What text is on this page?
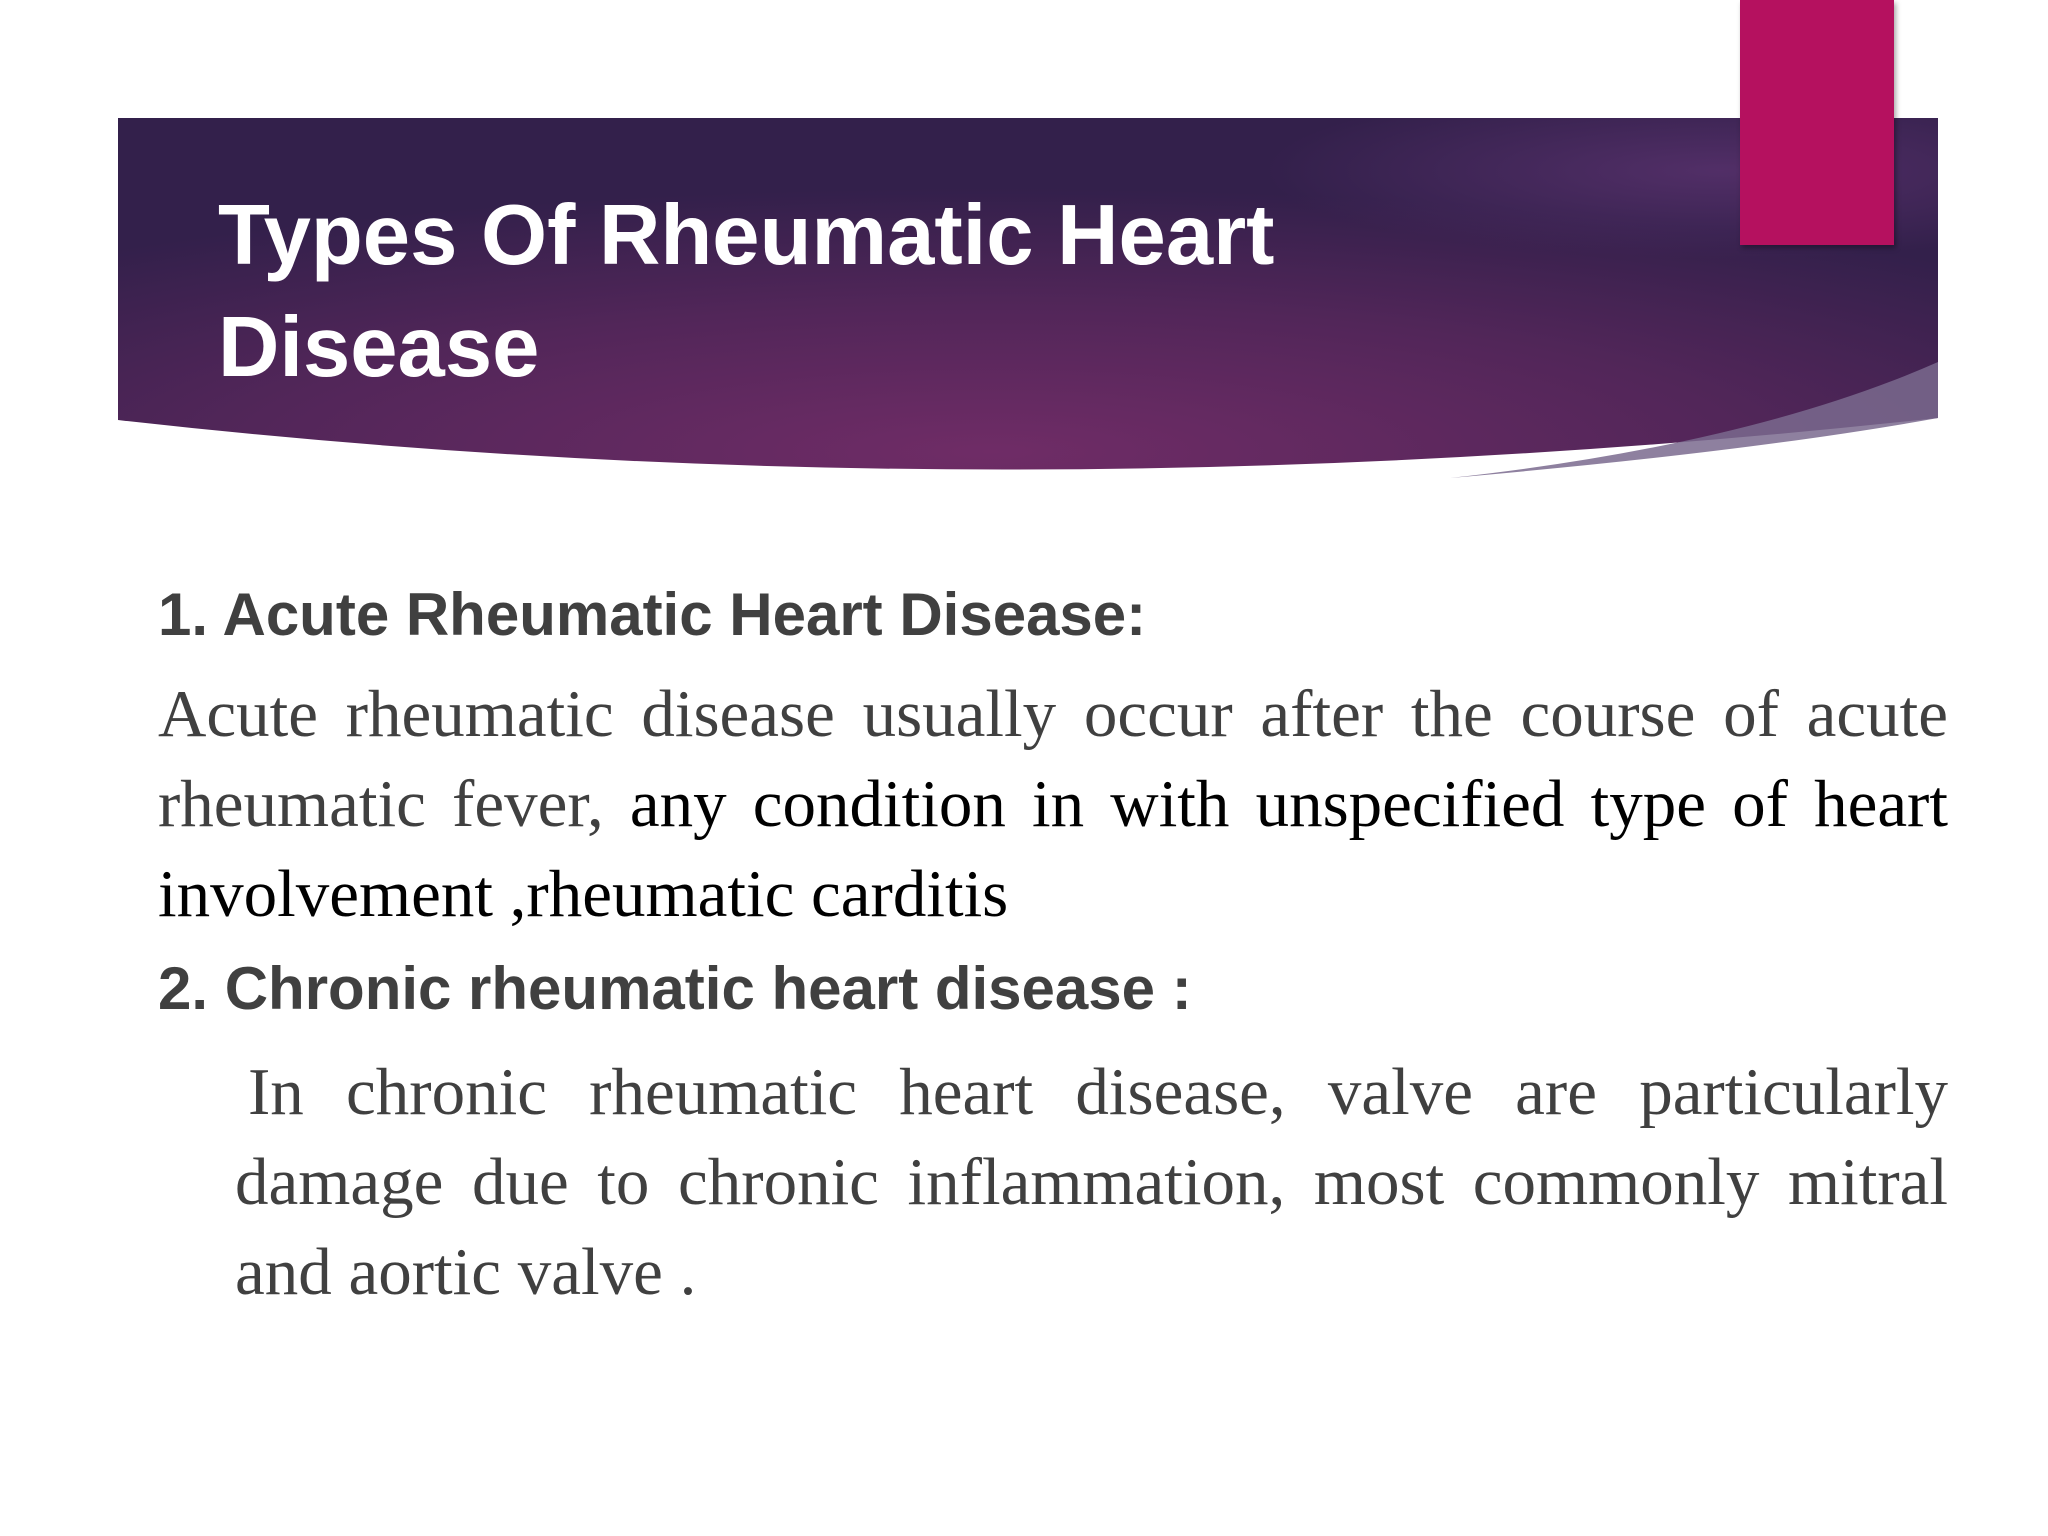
Types Of Rheumatic Heart Disease
1. Acute Rheumatic Heart Disease:

Acute rheumatic disease usually occur after the course of acute rheumatic fever, any condition in with unspecified type of heart involvement ,rheumatic carditis

2. Chronic rheumatic heart disease :

In chronic rheumatic heart disease, valve are particularly damage due to chronic inflammation, most commonly mitral and aortic valve .
